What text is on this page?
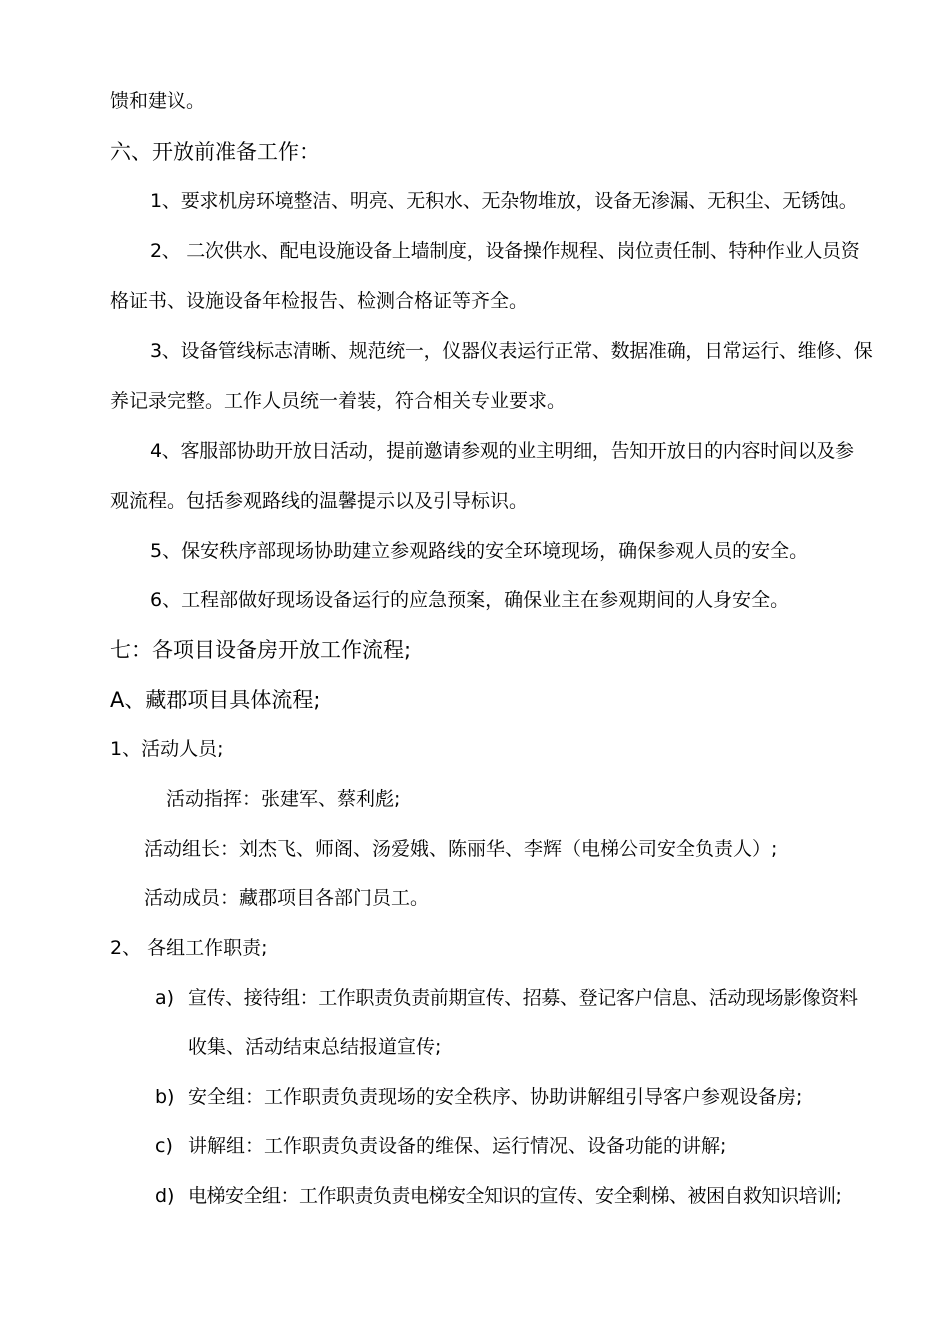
馈和建议。
六、开放前准备工作：
1、要求机房环境整洁、明亮、无积水、无杂物堆放，设备无渗漏、无积尘、无锈蚀。
2、 二次供水、配电设施设备上墙制度，设备操作规程、岗位责任制、特种作业人员资
格证书、设施设备年检报告、检测合格证等齐全。
3、设备管线标志清晰、规范统一，仪器仪表运行正常、数据准确，日常运行、维修、保
养记录完整。工作人员统一着装，符合相关专业要求。
4、客服部协助开放日活动，提前邀请参观的业主明细，告知开放日的内容时间以及参
观流程。包括参观路线的温馨提示以及引导标识。
5、保安秩序部现场协助建立参观路线的安全环境现场，确保参观人员的安全。
6、工程部做好现场设备运行的应急预案，确保业主在参观期间的人身安全。
七：各项目设备房开放工作流程;
A、藏郡项目具体流程;
1、活动人员;
活动指挥：张建军、蔡利彪;
活动组长：刘杰飞、师阁、汤爱娥、陈丽华、李辉（电梯公司安全负责人）;
活动成员：藏郡项目各部门员工。
2、 各组工作职责;
a) 宣传、接待组：工作职责负责前期宣传、招募、登记客户信息、活动现场影像资料
收集、活动结束总结报道宣传;
b) 安全组：工作职责负责现场的安全秩序、协助讲解组引导客户参观设备房;
c) 讲解组：工作职责负责设备的维保、运行情况、设备功能的讲解;
d) 电梯安全组：工作职责负责电梯安全知识的宣传、安全剩梯、被困自救知识培训;
